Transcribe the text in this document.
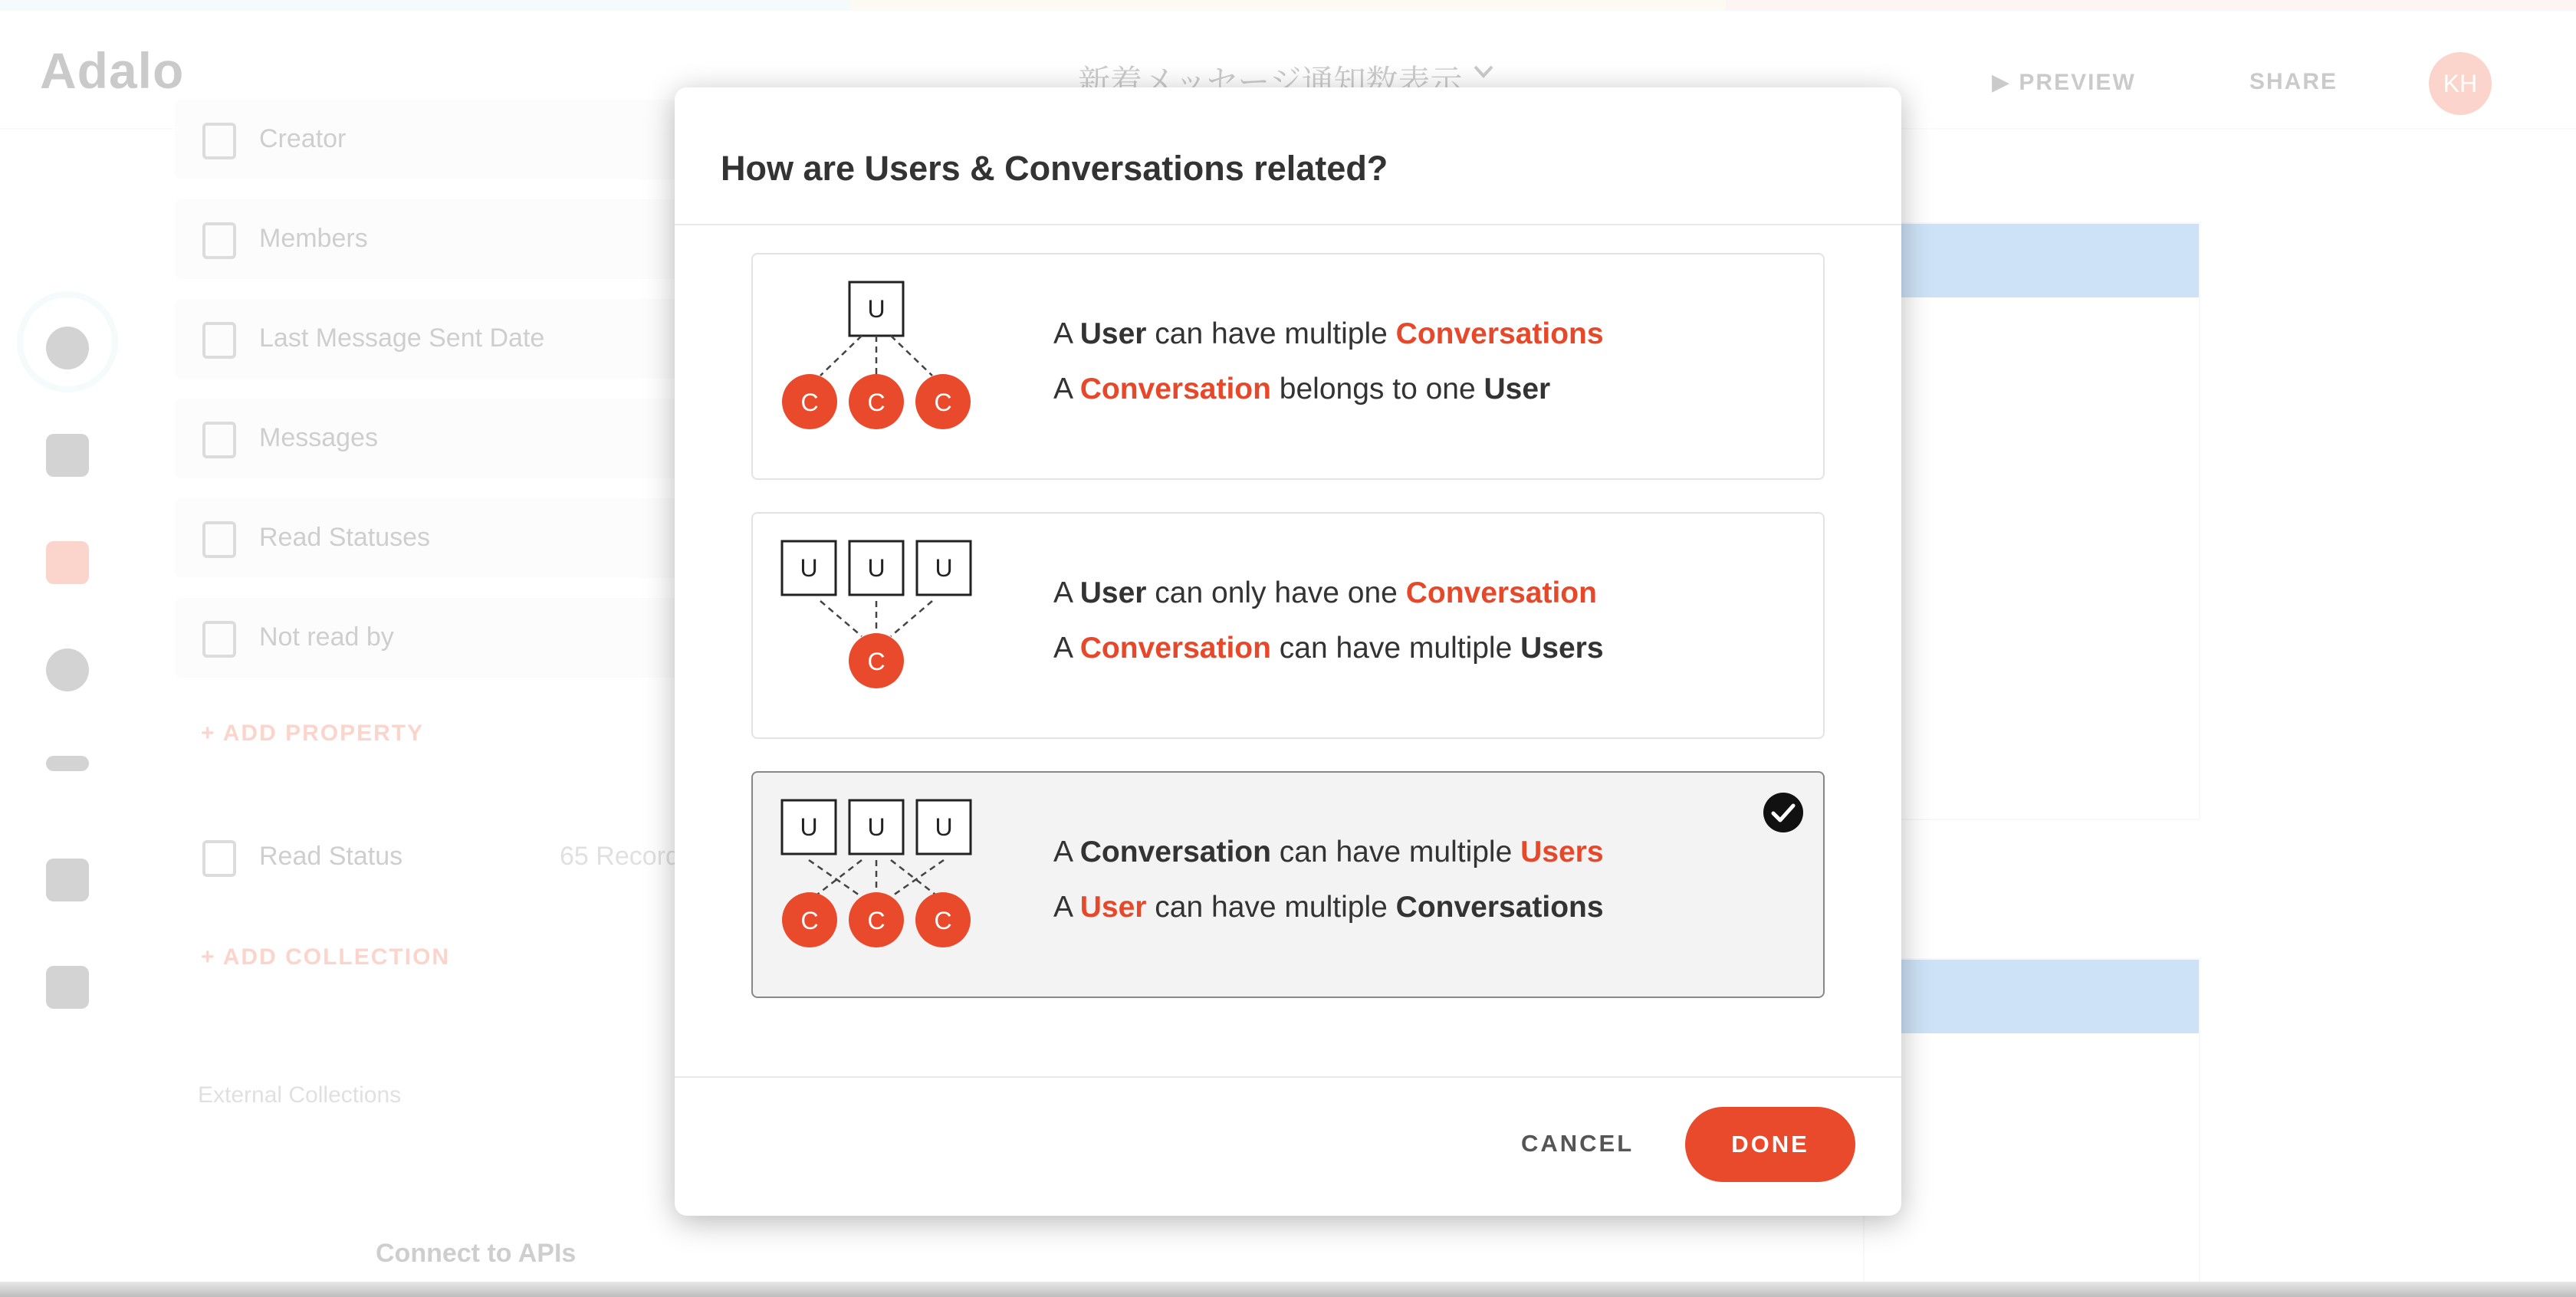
How are Users & Conversations related?
U
C C C
A User can have multiple Conversations
A Conversation belongs to one User
U U U
C
A User can only have one Conversation
A Conversation can have multiple Users
U U U
C C C
A Conversation can have multiple Users
A User can have multiple Conversations
CANCEL	DONE
